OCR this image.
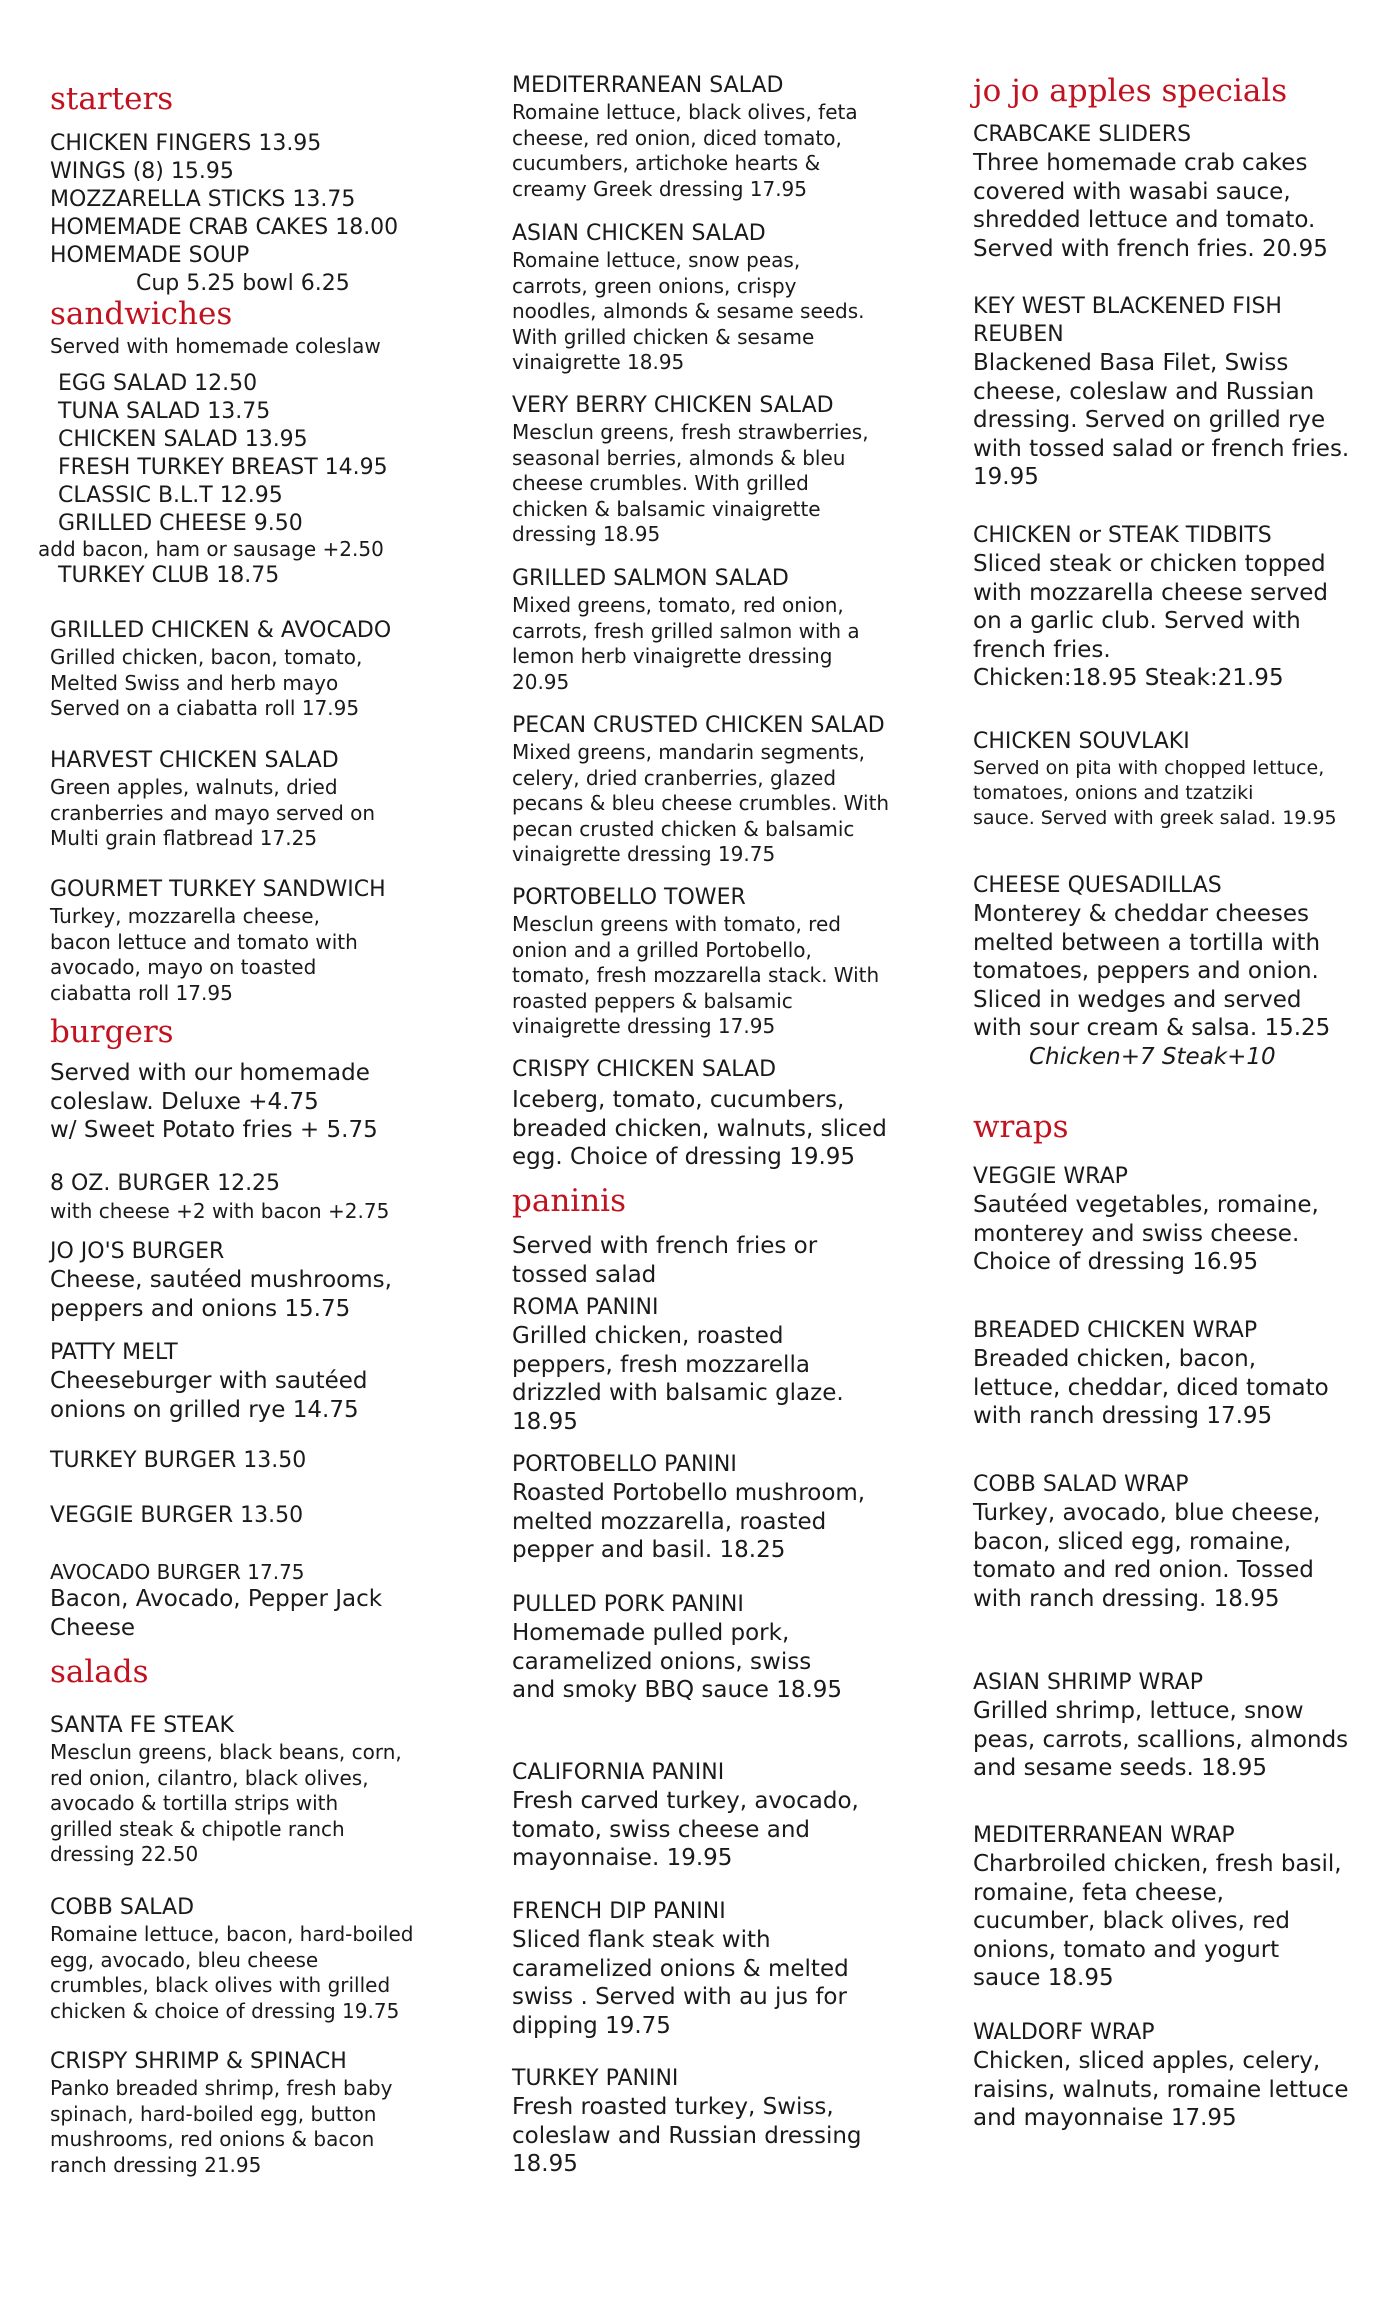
starters
CHICKEN FINGERS 13.95
WINGS (8) 15.95
MOZZARELLA STICKS 13.75
HOMEMADE CRAB CAKES 18.00
HOMEMADE SOUP
Cup 5.25 bowl 6.25
sandwiches
Served with homemade coleslaw
EGG SALAD 12.50
TUNA SALAD 13.75
CHICKEN SALAD 13.95
FRESH TURKEY BREAST 14.95
CLASSIC B.L.T 12.95
GRILLED CHEESE 9.50
add bacon, ham or sausage +2.50
TURKEY CLUB 18.75
GRILLED CHICKEN & AVOCADO
Grilled chicken, bacon, tomato,
Melted Swiss and herb mayo
Served on a ciabatta roll 17.95
HARVEST CHICKEN SALAD
Green apples, walnuts, dried
cranberries and mayo served on
Multi grain flatbread 17.25
GOURMET TURKEY SANDWICH
Turkey, mozzarella cheese,
bacon lettuce and tomato with
avocado, mayo on toasted
ciabatta roll 17.95
burgers
Served with our homemade
coleslaw. Deluxe +4.75
w/ Sweet Potato fries + 5.75
8 OZ. BURGER 12.25
with cheese +2 with bacon +2.75
JO JO'S BURGER
Cheese, sautéed mushrooms,
peppers and onions 15.75
PATTY MELT
Cheeseburger with sautéed
onions on grilled rye 14.75
TURKEY BURGER 13.50
VEGGIE BURGER 13.50
AVOCADO BURGER 17.75
Bacon, Avocado, Pepper Jack
Cheese
salads
SANTA FE STEAK
Mesclun greens, black beans, corn,
red onion, cilantro, black olives,
avocado & tortilla strips with
grilled steak & chipotle ranch
dressing 22.50
COBB SALAD
Romaine lettuce, bacon, hard-boiled
egg, avocado, bleu cheese
crumbles, black olives with grilled
chicken & choice of dressing 19.75
CRISPY SHRIMP & SPINACH
Panko breaded shrimp, fresh baby
spinach, hard-boiled egg, button
mushrooms, red onions & bacon
ranch dressing 21.95
MEDITERRANEAN SALAD
Romaine lettuce, black olives, feta
cheese, red onion, diced tomato,
cucumbers, artichoke hearts &
creamy Greek dressing 17.95
ASIAN CHICKEN SALAD
Romaine lettuce, snow peas,
carrots, green onions, crispy
noodles, almonds & sesame seeds.
With grilled chicken & sesame
vinaigrette 18.95
VERY BERRY CHICKEN SALAD
Mesclun greens, fresh strawberries,
seasonal berries, almonds & bleu
cheese crumbles. With grilled
chicken & balsamic vinaigrette
dressing 18.95
GRILLED SALMON SALAD
Mixed greens, tomato, red onion,
carrots, fresh grilled salmon with a
lemon herb vinaigrette dressing
20.95
PECAN CRUSTED CHICKEN SALAD
Mixed greens, mandarin segments,
celery, dried cranberries, glazed
pecans & bleu cheese crumbles. With
pecan crusted chicken & balsamic
vinaigrette dressing 19.75
PORTOBELLO TOWER
Mesclun greens with tomato, red
onion and a grilled Portobello,
tomato, fresh mozzarella stack. With
roasted peppers & balsamic
vinaigrette dressing 17.95
CRISPY CHICKEN SALAD
Iceberg, tomato, cucumbers,
breaded chicken, walnuts, sliced
egg. Choice of dressing 19.95
paninis
Served with french fries or
tossed salad
ROMA PANINI
Grilled chicken, roasted
peppers, fresh mozzarella
drizzled with balsamic glaze.
18.95
PORTOBELLO PANINI
Roasted Portobello mushroom,
melted mozzarella, roasted
pepper and basil. 18.25
PULLED PORK PANINI
Homemade pulled pork,
caramelized onions, swiss
and smoky BBQ sauce 18.95
CALIFORNIA PANINI
Fresh carved turkey, avocado,
tomato, swiss cheese and
mayonnaise. 19.95
FRENCH DIP PANINI
Sliced flank steak with
caramelized onions & melted
swiss . Served with au jus for
dipping 19.75
TURKEY PANINI
Fresh roasted turkey, Swiss,
coleslaw and Russian dressing
18.95
jo jo apples specials
CRABCAKE SLIDERS
Three homemade crab cakes
covered with wasabi sauce,
shredded lettuce and tomato.
Served with french fries. 20.95
KEY WEST BLACKENED FISH
REUBEN
Blackened Basa Filet, Swiss
cheese, coleslaw and Russian
dressing. Served on grilled rye
with tossed salad or french fries.
19.95
CHICKEN or STEAK TIDBITS
Sliced steak or chicken topped
with mozzarella cheese served
on a garlic club. Served with
french fries.
Chicken:18.95 Steak:21.95
CHICKEN SOUVLAKI
Served on pita with chopped lettuce,
tomatoes, onions and tzatziki
sauce. Served with greek salad. 19.95
CHEESE QUESADILLAS
Monterey & cheddar cheeses
melted between a tortilla with
tomatoes, peppers and onion.
Sliced in wedges and served
with sour cream & salsa. 15.25
Chicken+7 Steak+10
wraps
VEGGIE WRAP
Sautéed vegetables, romaine,
monterey and swiss cheese.
Choice of dressing 16.95
BREADED CHICKEN WRAP
Breaded chicken, bacon,
lettuce, cheddar, diced tomato
with ranch dressing 17.95
COBB SALAD WRAP
Turkey, avocado, blue cheese,
bacon, sliced egg, romaine,
tomato and red onion. Tossed
with ranch dressing. 18.95
ASIAN SHRIMP WRAP
Grilled shrimp, lettuce, snow
peas, carrots, scallions, almonds
and sesame seeds. 18.95
MEDITERRANEAN WRAP
Charbroiled chicken, fresh basil,
romaine, feta cheese,
cucumber, black olives, red
onions, tomato and yogurt
sauce 18.95
WALDORF WRAP
Chicken, sliced apples, celery,
raisins, walnuts, romaine lettuce
and mayonnaise 17.95
